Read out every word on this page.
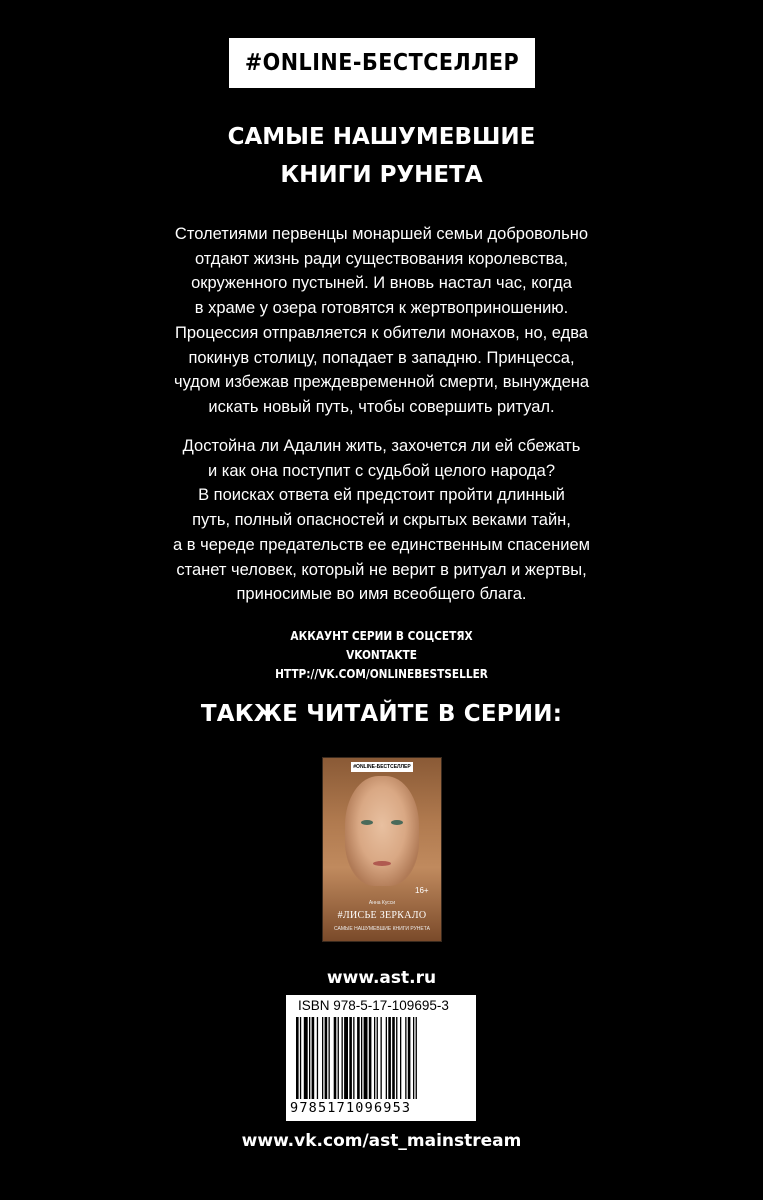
#ONLINE-БЕСТСЕЛЛЕР
САМЫЕ НАШУМЕВШИЕ
КНИГИ РУНЕТА
Столетиями первенцы монаршей семьи добровольно
отдают жизнь ради существования королевства,
окруженного пустыней. И вновь настал час, когда
в храме у озера готовятся к жертвоприношению.
Процессия отправляется к обители монахов, но, едва
покинув столицу, попадает в западню. Принцесса,
чудом избежав преждевременной смерти, вынуждена
искать новый путь, чтобы совершить ритуал.
Достойна ли Адалин жить, захочется ли ей сбежать
и как она поступит с судьбой целого народа?
В поисках ответа ей предстоит пройти длинный
путь, полный опасностей и скрытых веками тайн,
а в череде предательств ее единственным спасением
станет человек, который не верит в ритуал и жертвы,
приносимые во имя всеобщего блага.
АККАУНТ СЕРИИ В СОЦСЕТЯХ
VKONTAKTE
HTTP://VK.COM/ONLINEBESTSELLER
ТАКЖЕ ЧИТАЙТЕ В СЕРИИ:
#ONLINE-БЕСТСЕЛЛЕР
16+
Анна Кусси
#ЛИСЬЕ ЗЕРКАЛО
САМЫЕ НАШУМЕВШИЕ КНИГИ РУНЕТА
www.ast.ru
ISBN 978-5-17-109695-3
9785171096953
www.vk.com/ast_mainstream
